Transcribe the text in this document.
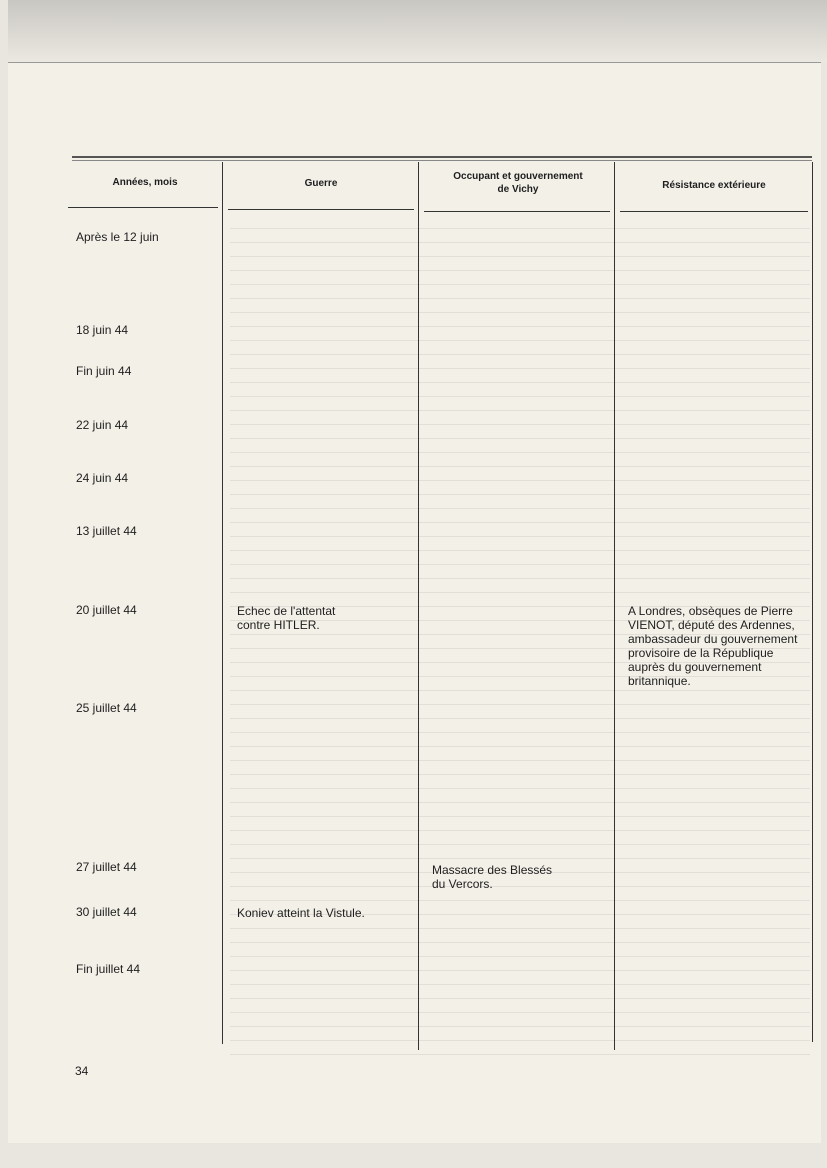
Années, mois	Guerre
Occupant et gouvernement
de Vichy	Résistance extérieure
Après le 12 juin
18 juin 44
Fin juin 44
22 juin 44
24 juin 44
13 juillet 44
20 juillet 44
25 juillet 44
27 juillet 44
30 juillet 44
Fin juillet 44
Echec de l'attentat
contre HITLER.
Koniev atteint la Vistule.
Massacre des Blessés
du Vercors.
A Londres, obsèques de Pierre
VIENOT, député des Ardennes,
ambassadeur du gouvernement
provisoire de la République
auprès du gouvernement
britannique.
34
